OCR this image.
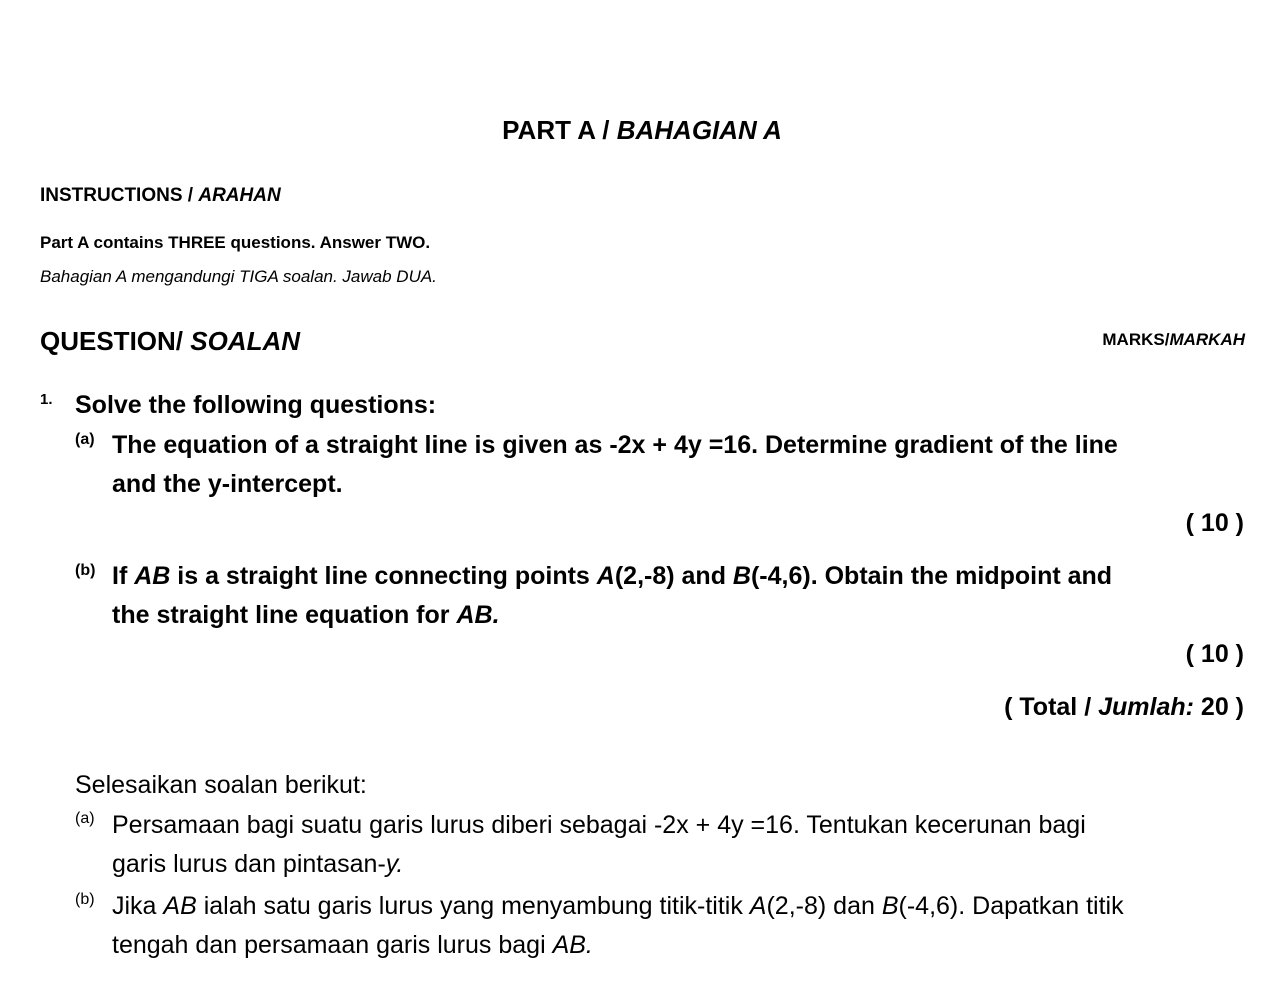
PART A / BAHAGIAN A
INSTRUCTIONS / ARAHAN
Part A contains THREE questions. Answer TWO.
Bahagian A mengandungi TIGA soalan. Jawab DUA.
QUESTION/ SOALAN	MARKS/MARKAH
1. Solve the following questions:
(a) The equation of a straight line is given as -2x + 4y =16. Determine gradient of the line
and the y-intercept.
( 10 )
(b) If AB is a straight line connecting points A(2,-8) and B(-4,6). Obtain the midpoint and
the straight line equation for AB.
( 10 )
( Total / Jumlah: 20 )
Selesaikan soalan berikut:
(a) Persamaan bagi suatu garis lurus diberi sebagai -2x + 4y =16. Tentukan kecerunan bagi
garis lurus dan pintasan-y.
(b) Jika AB ialah satu garis lurus yang menyambung titik-titik A(2,-8) dan B(-4,6). Dapatkan titik
tengah dan persamaan garis lurus bagi AB.
